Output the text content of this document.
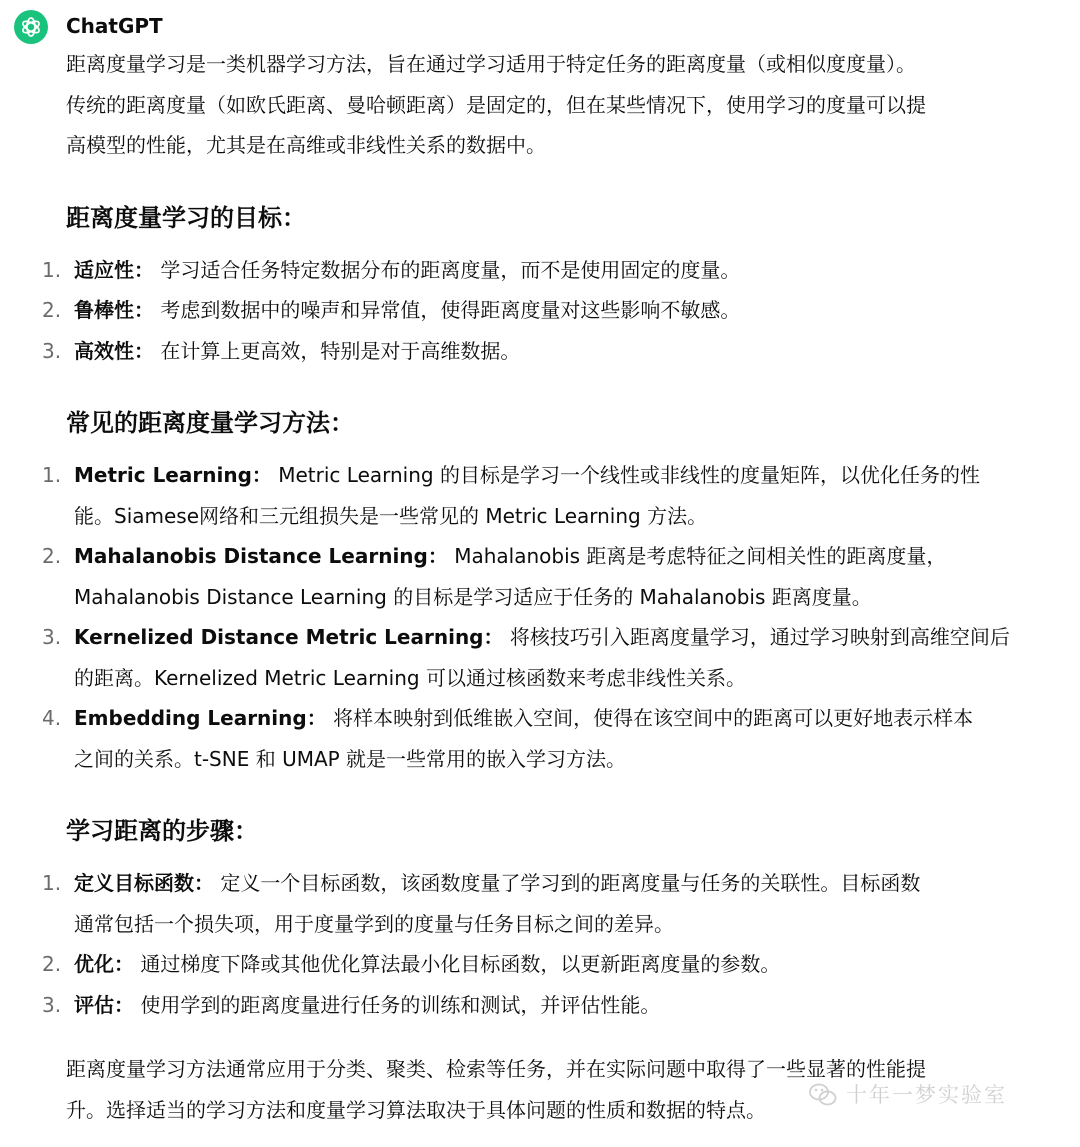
ChatGPT

距离度量学习是一类机器学习方法，旨在通过学习适用于特定任务的距离度量（或相似度度量）。
传统的距离度量（如欧氏距离、曼哈顿距离）是固定的，但在某些情况下，使用学习的度量可以提
高模型的性能，尤其是在高维或非线性关系的数据中。

距离度量学习的目标：
1. 适应性： 学习适合任务特定数据分布的距离度量，而不是使用固定的度量。
2. 鲁棒性： 考虑到数据中的噪声和异常值，使得距离度量对这些影响不敏感。
3. 高效性： 在计算上更高效，特别是对于高维数据。
常见的距离度量学习方法：
1. Metric Learning： Metric Learning 的目标是学习一个线性或非线性的度量矩阵，以优化任务的性
能。Siamese网络和三元组损失是一些常见的 Metric Learning 方法。
2. Mahalanobis Distance Learning： Mahalanobis 距离是考虑特征之间相关性的距离度量，
Mahalanobis Distance Learning 的目标是学习适应于任务的 Mahalanobis 距离度量。
3. Kernelized Distance Metric Learning： 将核技巧引入距离度量学习，通过学习映射到高维空间后
的距离。Kernelized Metric Learning 可以通过核函数来考虑非线性关系。
4. Embedding Learning： 将样本映射到低维嵌入空间，使得在该空间中的距离可以更好地表示样本
之间的关系。t-SNE 和 UMAP 就是一些常用的嵌入学习方法。
学习距离的步骤：
1. 定义目标函数： 定义一个目标函数，该函数度量了学习到的距离度量与任务的关联性。目标函数
通常包括一个损失项，用于度量学到的度量与任务目标之间的差异。
2. 优化： 通过梯度下降或其他优化算法最小化目标函数，以更新距离度量的参数。
3. 评估： 使用学到的距离度量进行任务的训练和测试，并评估性能。

距离度量学习方法通常应用于分类、聚类、检索等任务，并在实际问题中取得了一些显著的性能提
升。选择适当的学习方法和度量学习算法取决于具体问题的性质和数据的特点。

十年一梦实验室
